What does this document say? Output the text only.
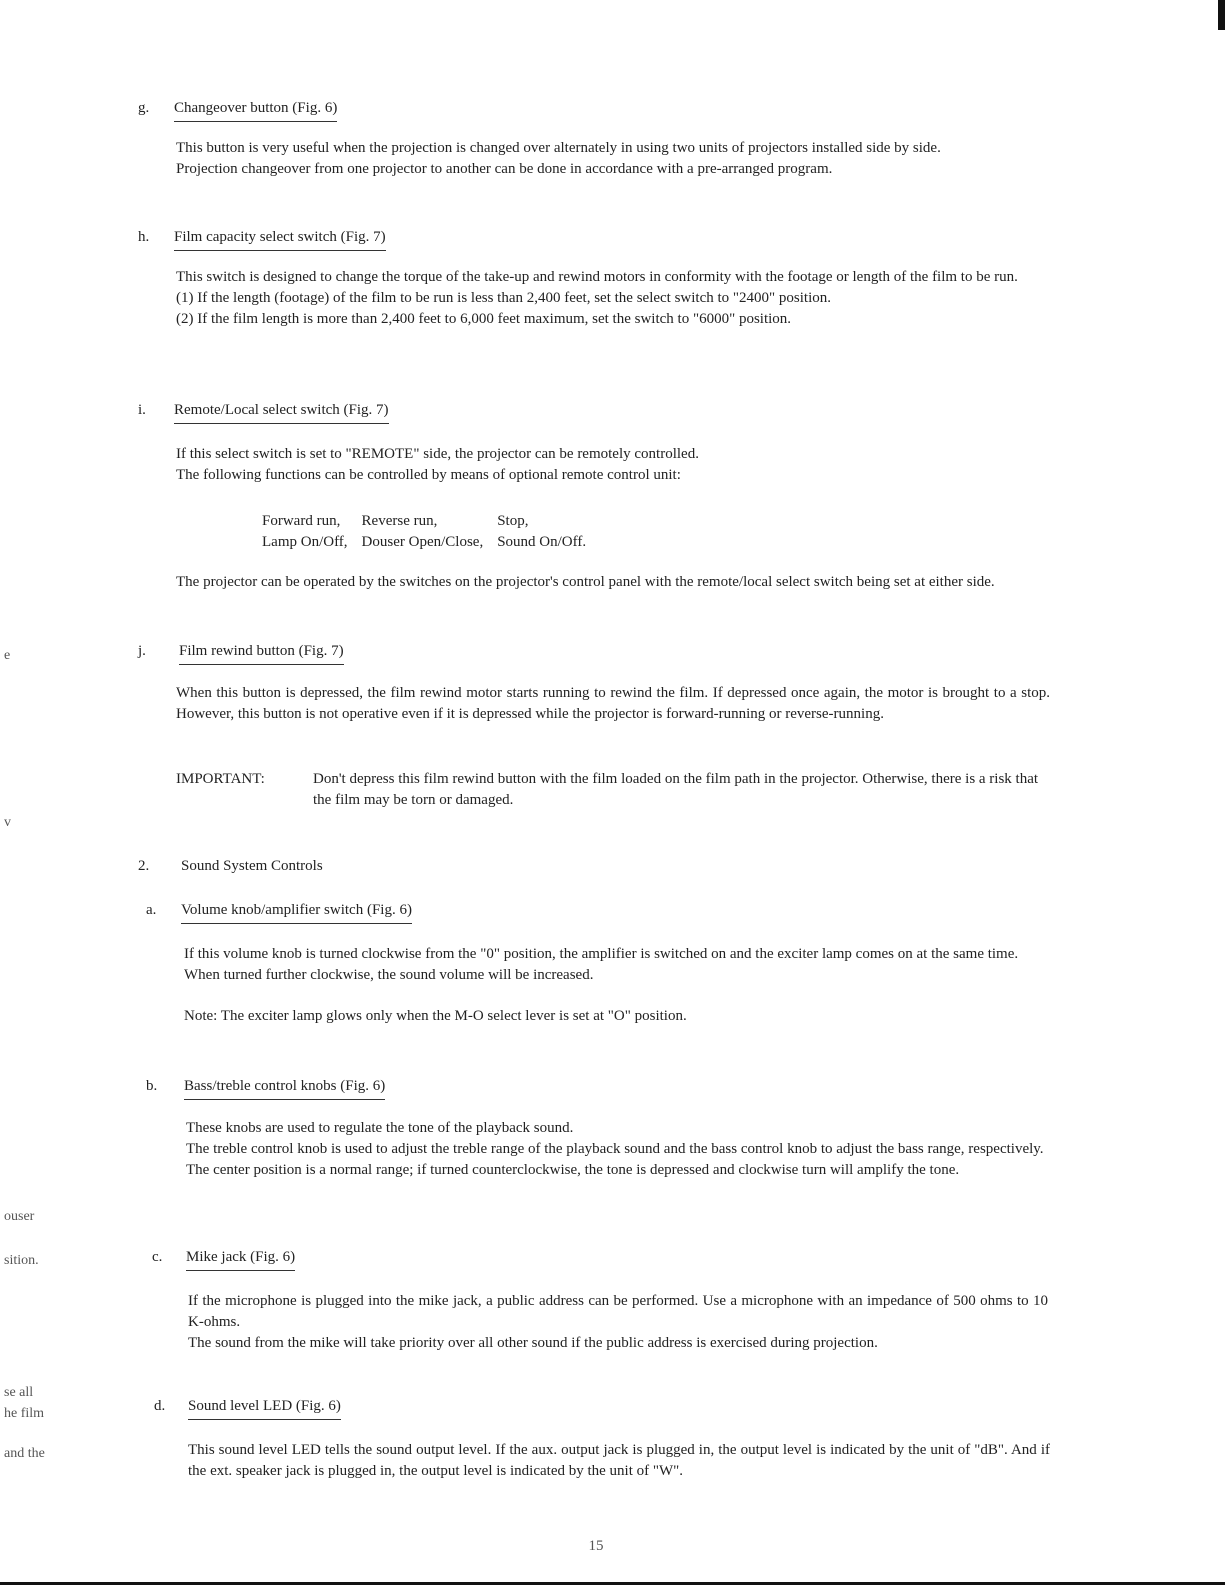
g.	Changeover button (Fig. 6)

This button is very useful when the projection is changed over alternately in using two units of projectors installed side by side.

Projection changeover from one projector to another can be done in accordance with a pre-arranged program.

h.	Film capacity select switch (Fig. 7)

This switch is designed to change the torque of the take-up and rewind motors in conformity with the footage or length of the film to be run.

(1) If the length (footage) of the film to be run is less than 2,400 feet, set the select switch to "2400" position.

(2) If the film length is more than 2,400 feet to 6,000 feet maximum, set the switch to "6000" position.

i.	Remote/Local select switch (Fig. 7)

If this select switch is set to "REMOTE" side, the projector can be remotely controlled.

The following functions can be controlled by means of optional remote control unit:

Forward run,	Reverse run,	Stop,
Lamp On/Off,	Douser Open/Close,	Sound On/Off.

The projector can be operated by the switches on the projector's control panel with the remote/local select switch being set at either side.

j.	Film rewind button (Fig. 7)

When this button is depressed, the film rewind motor starts running to rewind the film. If depressed once again, the motor is brought to a stop. However, this button is not operative even if it is depressed while the projector is forward-running or reverse-running.

IMPORTANT:	Don't depress this film rewind button with the film loaded on the film path in the projector. Otherwise, there is a risk that the film may be torn or damaged.
2.	Sound System Controls
a.	Volume knob/amplifier switch (Fig. 6)

If this volume knob is turned clockwise from the "0" position, the amplifier is switched on and the exciter lamp comes on at the same time.

When turned further clockwise, the sound volume will be increased.

Note: The exciter lamp glows only when the M-O select lever is set at "O" position.

b.	Bass/treble control knobs (Fig. 6)

These knobs are used to regulate the tone of the playback sound.

The treble control knob is used to adjust the treble range of the playback sound and the bass control knob to adjust the bass range, respectively.

The center position is a normal range; if turned counterclockwise, the tone is depressed and clockwise turn will amplify the tone.

c.	Mike jack (Fig. 6)

If the microphone is plugged into the mike jack, a public address can be performed. Use a microphone with an impedance of 500 ohms to 10 K-ohms.

The sound from the mike will take priority over all other sound if the public address is exercised during projection.

d.	Sound level LED (Fig. 6)

This sound level LED tells the sound output level. If the aux. output jack is plugged in, the output level is indicated by the unit of "dB". And if the ext. speaker jack is plugged in, the output level is indicated by the unit of "W".

e
v
ouser
sition.
se all
he film
and the
15
